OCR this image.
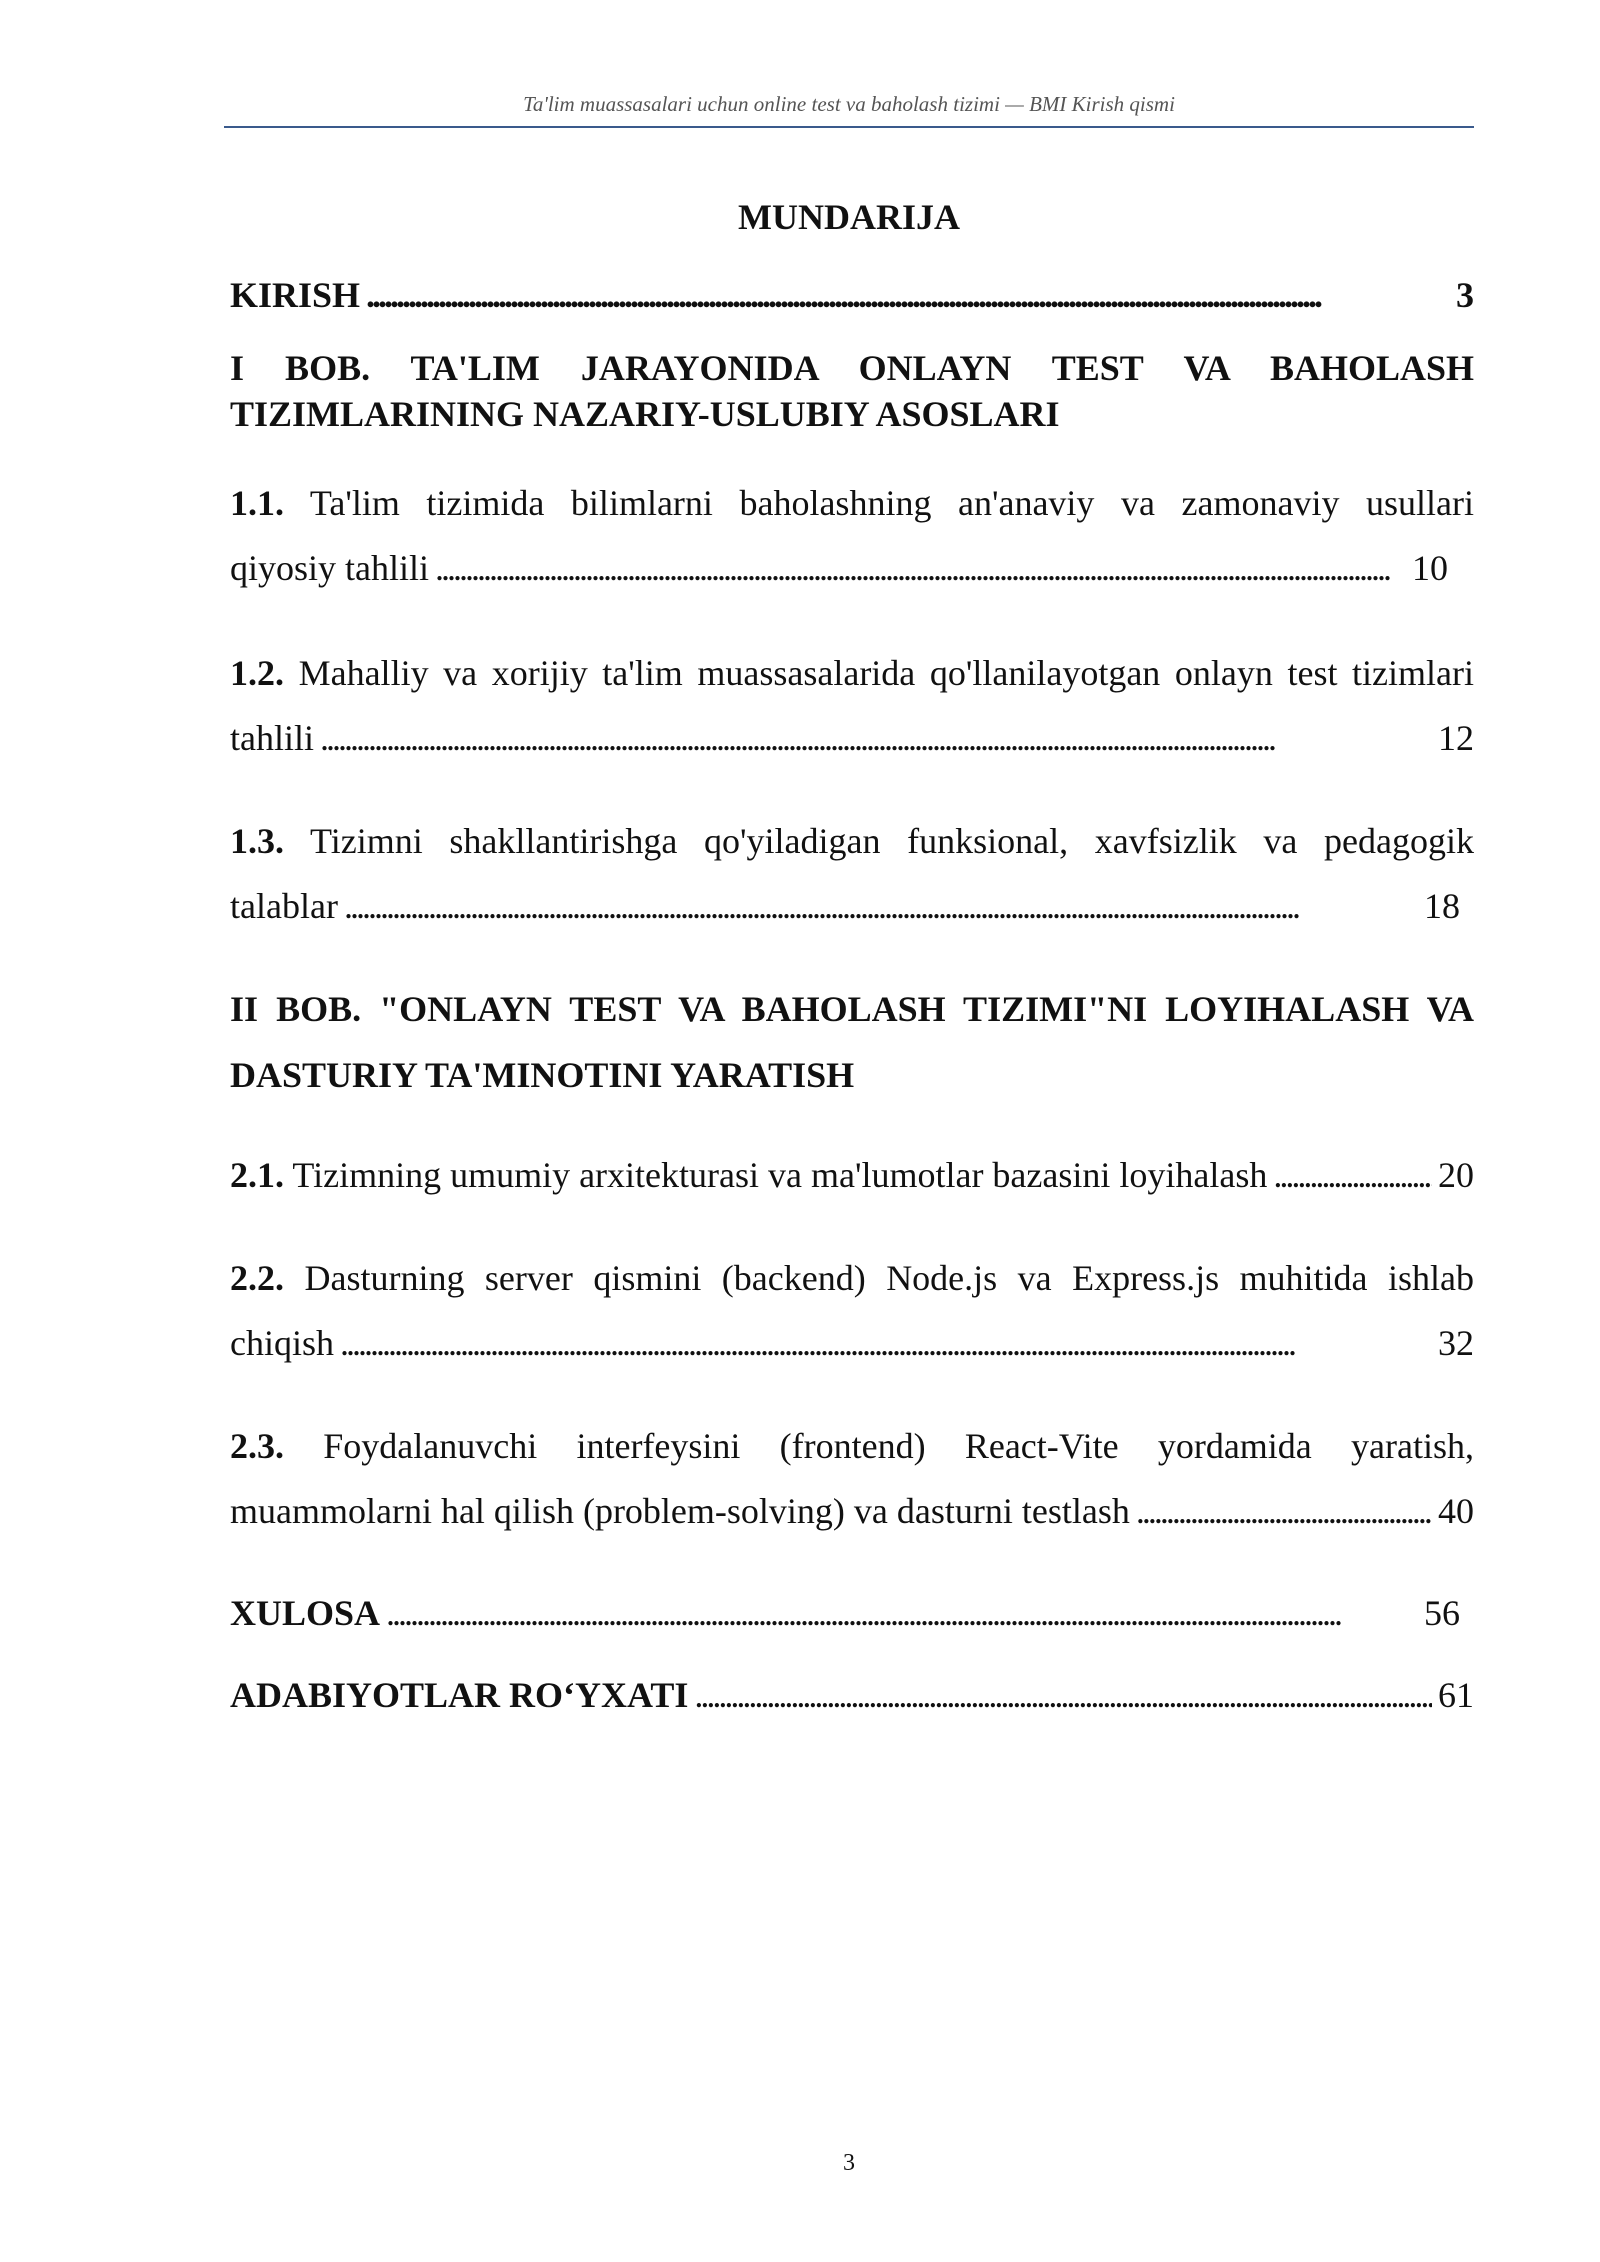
Ta'lim muassasalari uchun online test va baholash tizimi — BMI Kirish qismi
MUNDARIJA
KIRISH . . .	3
I BOB. TA'LIM JARAYONIDA ONLAYN TEST VA BAHOLASH
TIZIMLARINING NAZARIY-USLUBIY ASOSLARI
1.1. Ta'lim tizimida bilimlarni baholashning an'anaviy va zamonaviy usullari
qiyosiy tahlili . . .	10
1.2. Mahalliy va xorijiy ta'lim muassasalarida qo'llanilayotgan onlayn test tizimlari
tahlili . . .	12
1.3. Tizimni shakllantirishga qo'yiladigan funksional, xavfsizlik va pedagogik
talablar . . .	18
II BOB. "ONLAYN TEST VA BAHOLASH TIZIMI"NI LOYIHALASH VA
DASTURIY TA'MINOTINI YARATISH
2.1. Tizimning umumiy arxitekturasi va ma'lumotlar bazasini loyihalash . . .	20
2.2. Dasturning server qismini (backend) Node.js va Express.js muhitida ishlab
chiqish . . .	32
2.3. Foydalanuvchi interfeysini (frontend) React-Vite yordamida yaratish,
muammolarni hal qilish (problem-solving) va dasturni testlash . . .	40
XULOSA . . .	56
ADABIYOTLAR RO‘YXATI . . .	61
3
